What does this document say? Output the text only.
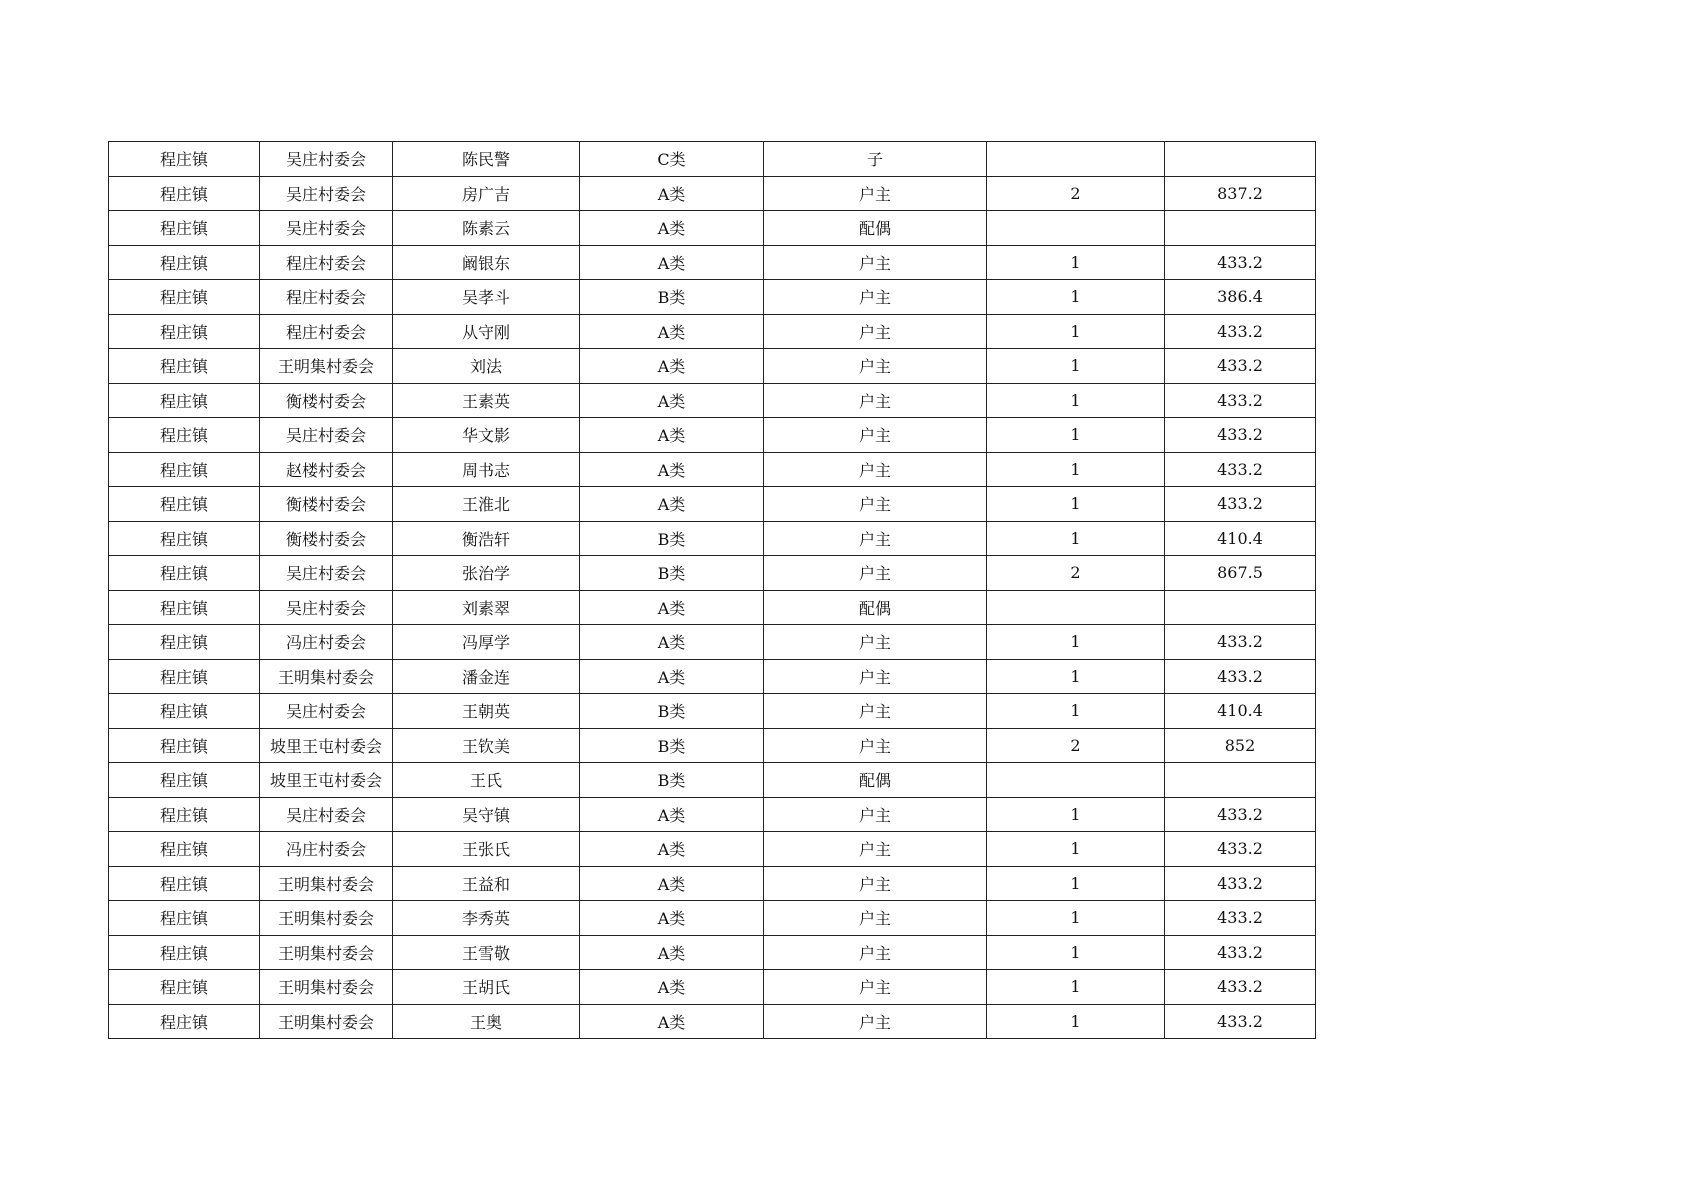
程庄镇	吴庄村委会	陈民警	C类	子		
程庄镇	吴庄村委会	房广吉	A类	户主	2	837.2
程庄镇	吴庄村委会	陈素云	A类	配偶		
程庄镇	程庄村委会	阚银东	A类	户主	1	433.2
程庄镇	程庄村委会	吴孝斗	B类	户主	1	386.4
程庄镇	程庄村委会	从守刚	A类	户主	1	433.2
程庄镇	王明集村委会	刘法	A类	户主	1	433.2
程庄镇	衡楼村委会	王素英	A类	户主	1	433.2
程庄镇	吴庄村委会	华文影	A类	户主	1	433.2
程庄镇	赵楼村委会	周书志	A类	户主	1	433.2
程庄镇	衡楼村委会	王淮北	A类	户主	1	433.2
程庄镇	衡楼村委会	衡浩轩	B类	户主	1	410.4
程庄镇	吴庄村委会	张治学	B类	户主	2	867.5
程庄镇	吴庄村委会	刘素翠	A类	配偶		
程庄镇	冯庄村委会	冯厚学	A类	户主	1	433.2
程庄镇	王明集村委会	潘金连	A类	户主	1	433.2
程庄镇	吴庄村委会	王朝英	B类	户主	1	410.4
程庄镇	坡里王屯村委会	王钦美	B类	户主	2	852
程庄镇	坡里王屯村委会	王氏	B类	配偶		
程庄镇	吴庄村委会	吴守镇	A类	户主	1	433.2
程庄镇	冯庄村委会	王张氏	A类	户主	1	433.2
程庄镇	王明集村委会	王益和	A类	户主	1	433.2
程庄镇	王明集村委会	李秀英	A类	户主	1	433.2
程庄镇	王明集村委会	王雪敬	A类	户主	1	433.2
程庄镇	王明集村委会	王胡氏	A类	户主	1	433.2
程庄镇	王明集村委会	王奥	A类	户主	1	433.2
